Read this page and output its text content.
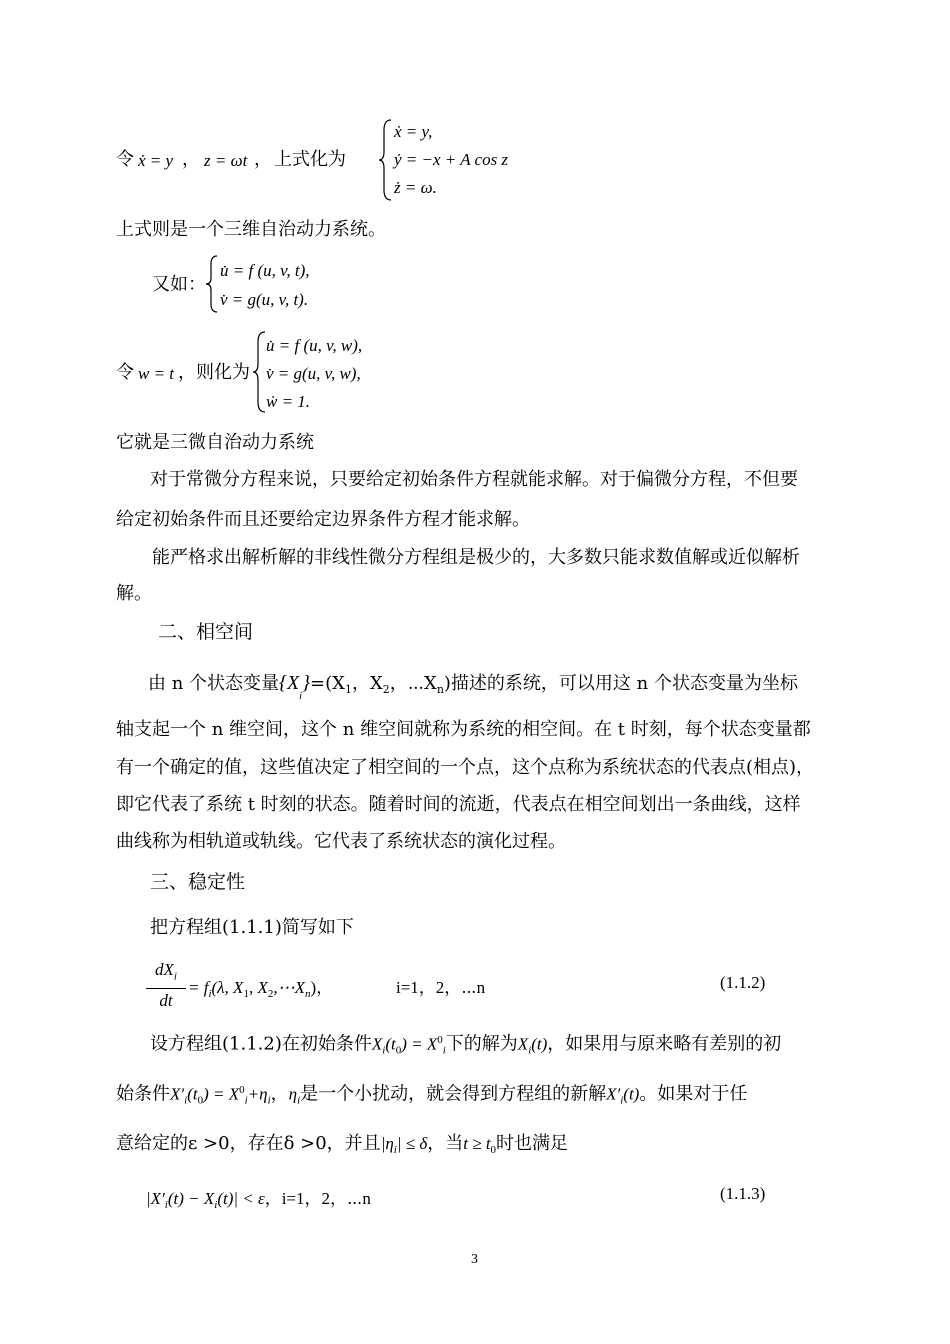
令 ẋ = y ， z = ωt ， 上式化为
ẋ = y,
ẏ = −x + A cos z
ż = ω.
上式则是一个三维自治动力系统。
又如：
u̇ = f (u, v, t),
v̇ = g(u, v, t).
令 w = t ，则化为
u̇ = f (u, v, w),
v̇ = g(u, v, w),
ẇ = 1.
它就是三微自治动力系统
对于常微分方程来说，只要给定初始条件方程就能求解。对于偏微分方程，不但要
给定初始条件而且还要给定边界条件方程才能求解。
能严格求出解析解的非线性微分方程组是极少的，大多数只能求数值解或近似解析
解。
二、相空间
由 n 个状态变量$\{X_i\}=(X_1$，$X_2$，$\cdots X_n$)描述的系统，可以用这 n 个状态变量为坐标
轴支起一个 n 维空间，这个 n 维空间就称为系统的相空间。在 t 时刻，每个状态变量都
有一个确定的值，这些值决定了相空间的一个点，这个点称为系统状态的代表点(相点)，
即它代表了系统 t 时刻的状态。随着时间的流逝，代表点在相空间划出一条曲线，这样
曲线称为相轨道或轨线。它代表了系统状态的演化过程。
三、稳定性
把方程组(1.1.1)简写如下
$dX_i$
dt
= $f_i(\lambda$, $X_1$, $X_2,\cdots X_n$)，	i=1，2，⋯n	(1.1.2)
设方程组(1.1.2)在初始条件$X_i(t_0) = X^0_i$下的解为$X_i(t)$，如果用与原来略有差别的初
始条件$X'_i(t_0) = X^0_i+\eta_i$，$\eta_i$是一个小扰动，就会得到方程组的新解$X'_i(t)$。如果对于任
意给定的ε >0，存在δ >0，并且$|\eta_i| \le \delta$，当$t \ge t_0$时也满足
$|X'_i(t) - X_i(t)| < \varepsilon$，i=1，2，⋯n	(1.1.3)
3
